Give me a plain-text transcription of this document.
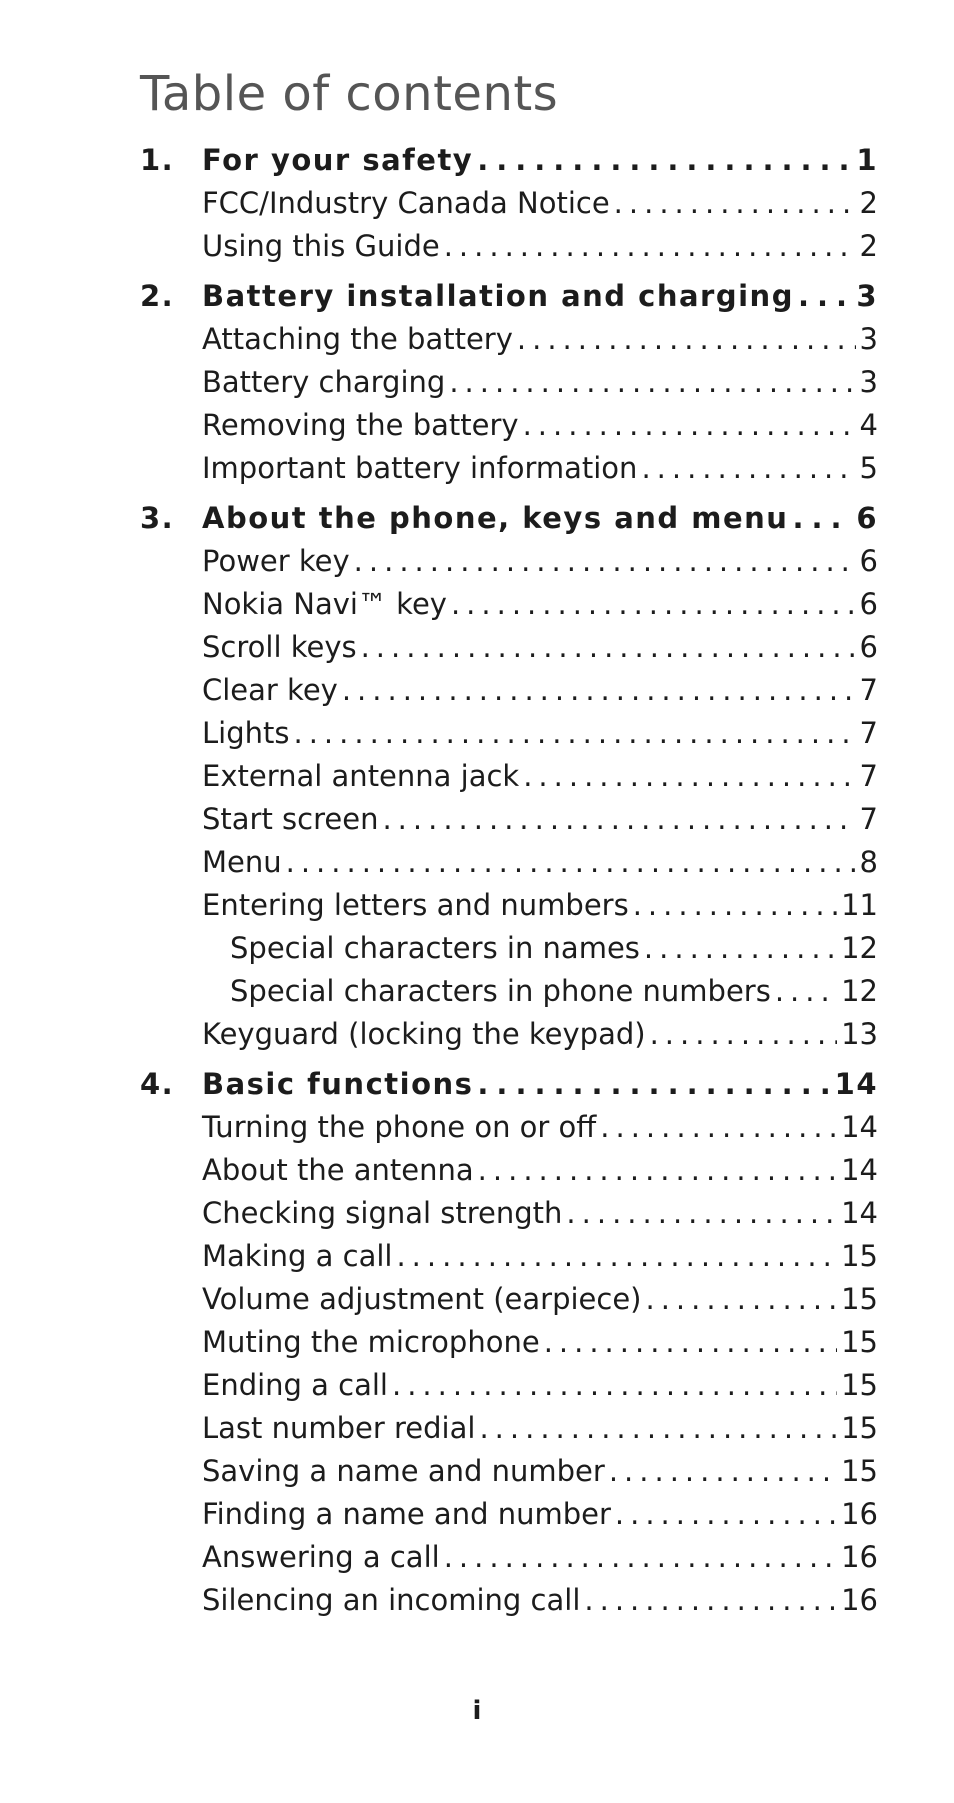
Table of contents
1. For your safety .....	1
FCC/Industry Canada Notice .....	2
Using this Guide .....	2
2. Battery installation and charging ..... 3
Attaching the battery .....	3
Battery charging .....	3
Removing the battery .....	4
Important battery information .....	5
3. About the phone, keys and menu ..... 6
Power key .....	6
Nokia Navi™ key .....	6
Scroll keys .....	6
Clear key .....	7
Lights .....	7
External antenna jack .....	7
Start screen .....	7
Menu .....	8
Entering letters and numbers .....	11
Special characters in names .....	12
Special characters in phone numbers ..... 12
Keyguard (locking the keypad) .....	13
4. Basic functions .....	14
Turning the phone on or off .....	14
About the antenna .....	14
Checking signal strength .....	14
Making a call .....	15
Volume adjustment (earpiece) .....	15
Muting the microphone .....	15
Ending a call .....	15
Last number redial .....	15
Saving a name and number .....	15
Finding a name and number .....	16
Answering a call .....	16
Silencing an incoming call .....	16
i
